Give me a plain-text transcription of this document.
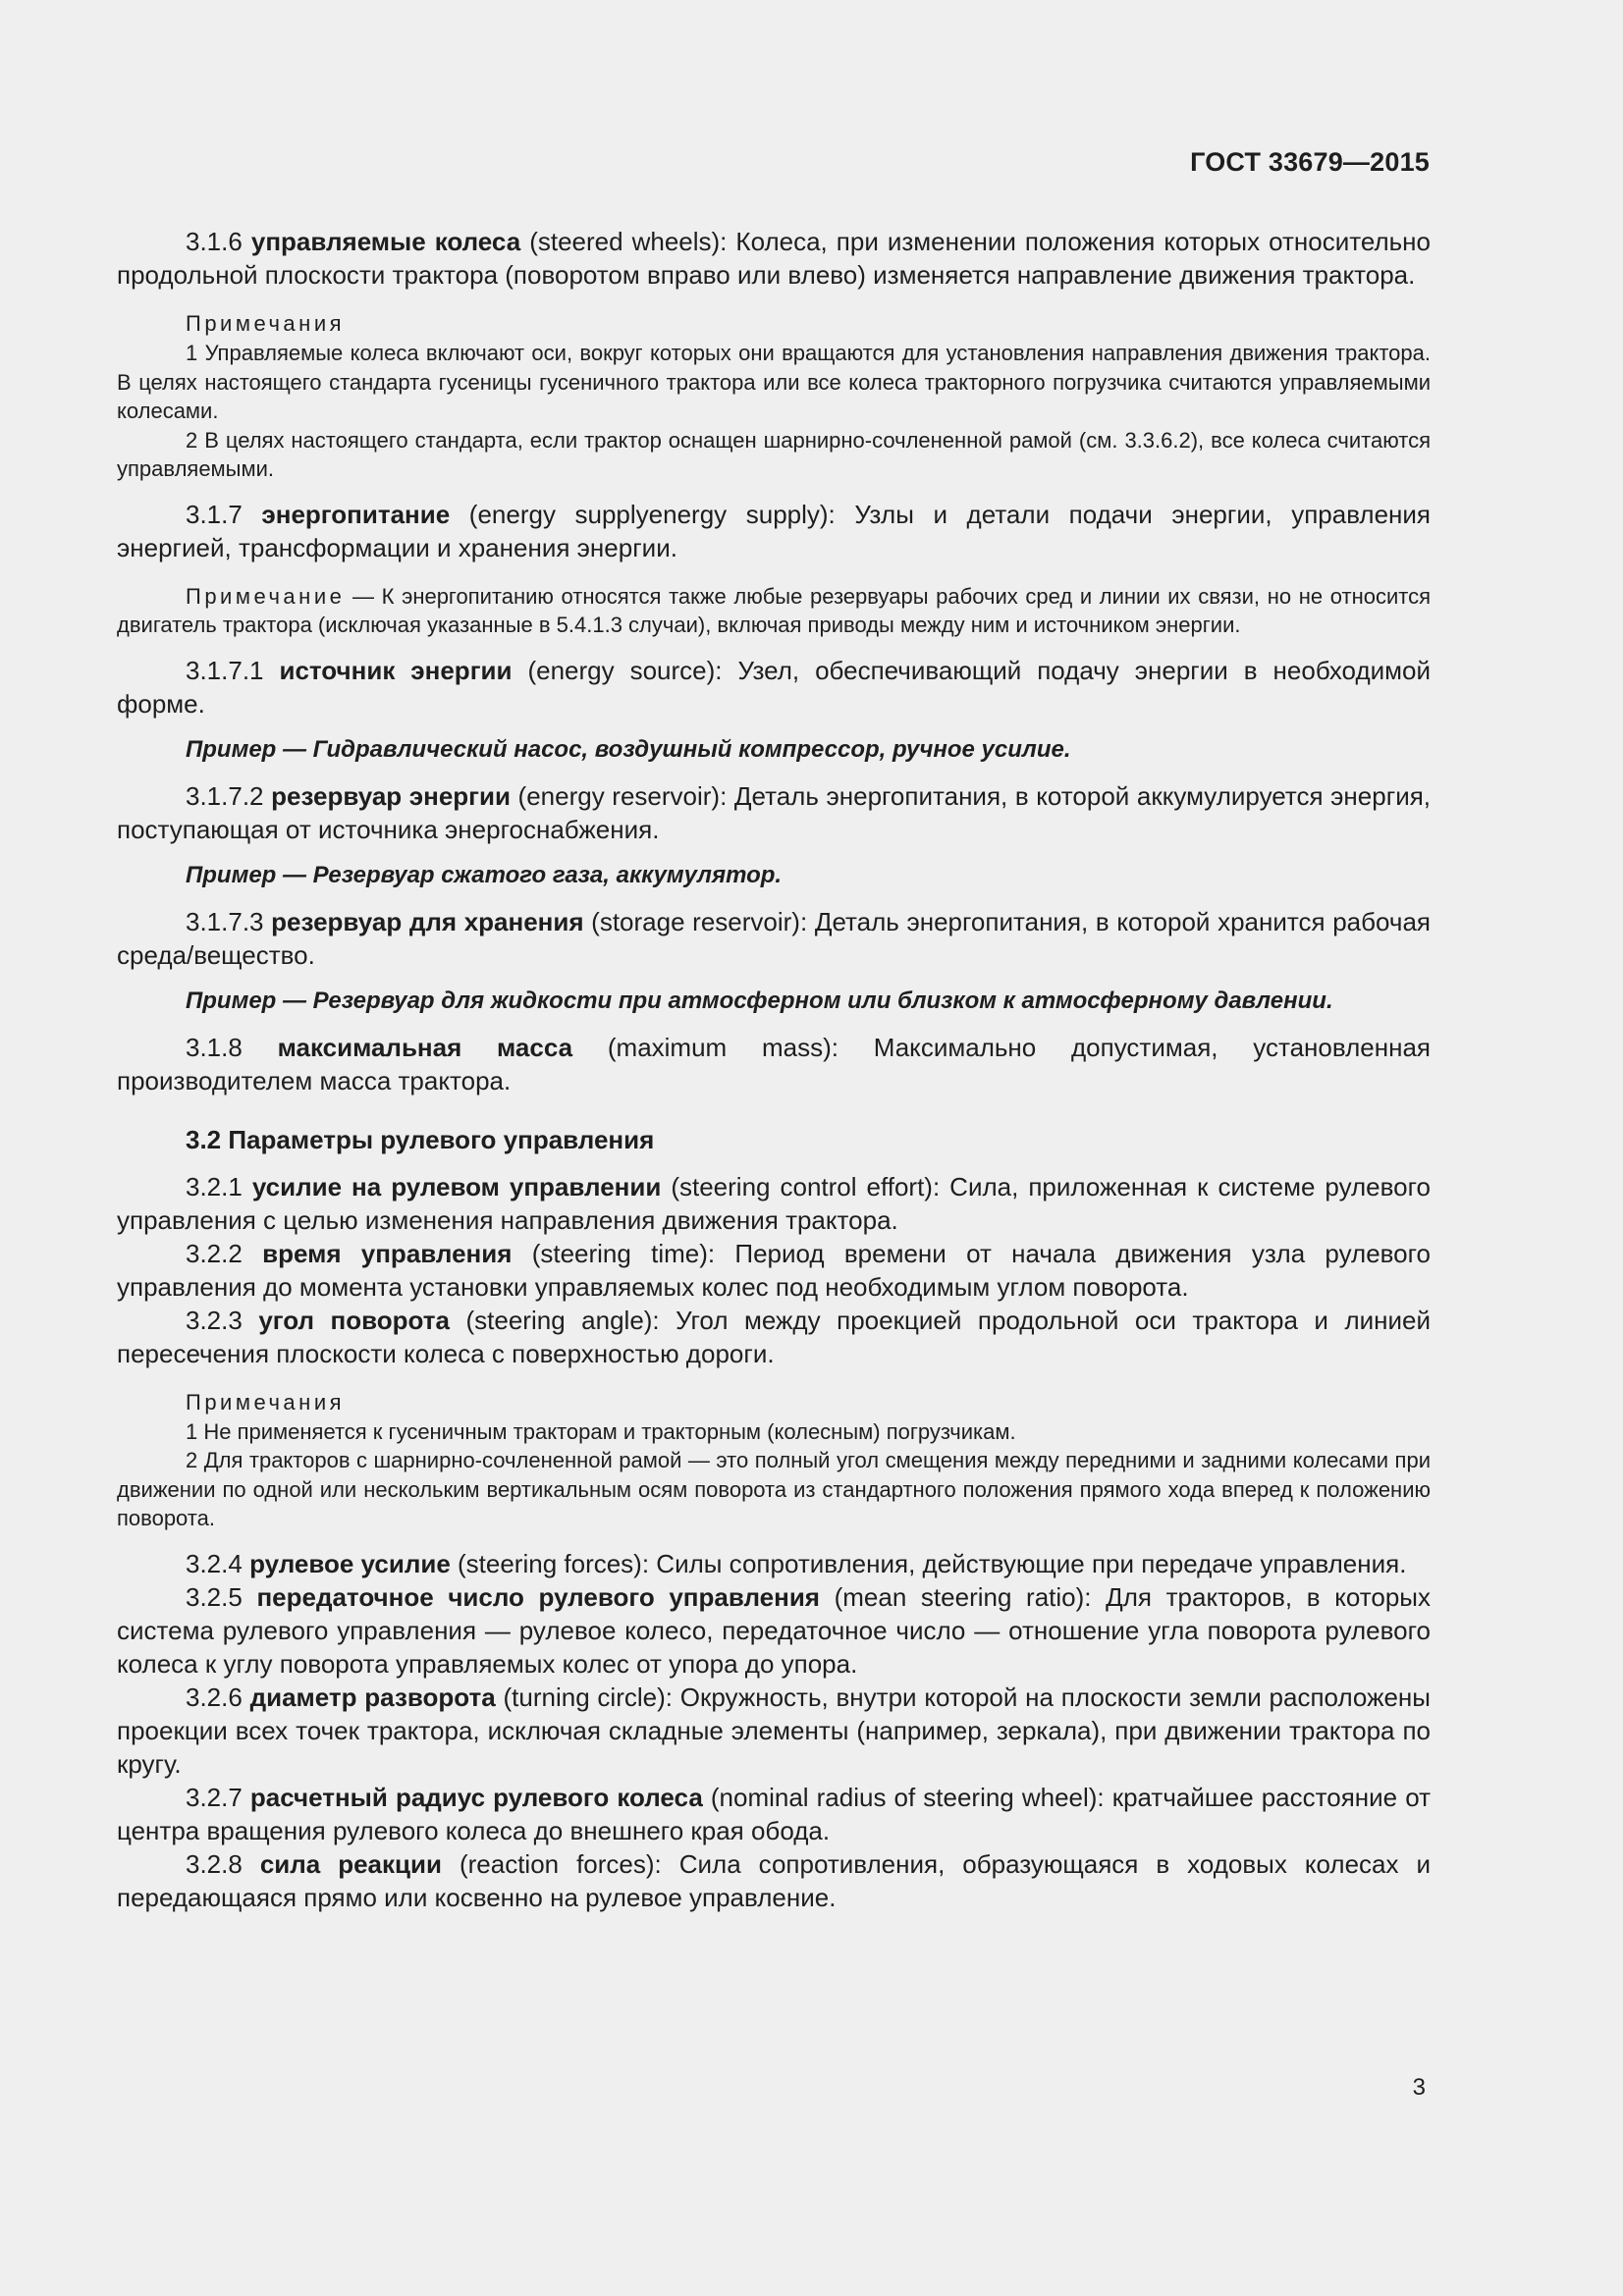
ГОСТ 33679—2015

3.1.6 управляемые колеса (steered wheels): Колеса, при изменении положения которых относительно продольной плоскости трактора (поворотом вправо или влево) изменяется направление движения трактора.

Примечания

1 Управляемые колеса включают оси, вокруг которых они вращаются для установления направления движения трактора. В целях настоящего стандарта гусеницы гусеничного трактора или все колеса тракторного погрузчика считаются управляемыми колесами.

2 В целях настоящего стандарта, если трактор оснащен шарнирно-сочлененной рамой (см. 3.3.6.2), все колеса считаются управляемыми.

3.1.7 энергопитание (energy supplyenergy supply): Узлы и детали подачи энергии, управления энергией, трансформации и хранения энергии.

Примечание — К энергопитанию относятся также любые резервуары рабочих сред и линии их связи, но не относится двигатель трактора (исключая указанные в 5.4.1.3 случаи), включая приводы между ним и источником энергии.

3.1.7.1 источник энергии (energy source): Узел, обеспечивающий подачу энергии в необходимой форме.

Пример — Гидравлический насос, воздушный компрессор, ручное усилие.

3.1.7.2 резервуар энергии (energy reservoir): Деталь энергопитания, в которой аккумулируется энергия, поступающая от источника энергоснабжения.

Пример — Резервуар сжатого газа, аккумулятор.

3.1.7.3 резервуар для хранения (storage reservoir): Деталь энергопитания, в которой хранится рабочая среда/вещество.

Пример — Резервуар для жидкости при атмосферном или близком к атмосферному давлении.

3.1.8 максимальная масса (maximum mass): Максимально допустимая, установленная производителем масса трактора.

3.2 Параметры рулевого управления

3.2.1 усилие на рулевом управлении (steering control effort): Сила, приложенная к системе рулевого управления с целью изменения направления движения трактора.

3.2.2 время управления (steering time): Период времени от начала движения узла рулевого управления до момента установки управляемых колес под необходимым углом поворота.

3.2.3 угол поворота (steering angle): Угол между проекцией продольной оси трактора и линией пересечения плоскости колеса с поверхностью дороги.

Примечания

1 Не применяется к гусеничным тракторам и тракторным (колесным) погрузчикам.

2 Для тракторов с шарнирно-сочлененной рамой — это полный угол смещения между передними и задними колесами при движении по одной или нескольким вертикальным осям поворота из стандартного положения прямого хода вперед к положению поворота.

3.2.4 рулевое усилие (steering forces): Силы сопротивления, действующие при передаче управления.

3.2.5 передаточное число рулевого управления (mean steering ratio): Для тракторов, в которых система рулевого управления — рулевое колесо, передаточное число — отношение угла поворота рулевого колеса к углу поворота управляемых колес от упора до упора.

3.2.6 диаметр разворота (turning circle): Окружность, внутри которой на плоскости земли расположены проекции всех точек трактора, исключая складные элементы (например, зеркала), при движении трактора по кругу.

3.2.7 расчетный радиус рулевого колеса (nominal radius of steering wheel): кратчайшее расстояние от центра вращения рулевого колеса до внешнего края обода.

3.2.8 сила реакции (reaction forces): Сила сопротивления, образующаяся в ходовых колесах и передающаяся прямо или косвенно на рулевое управление.

3
